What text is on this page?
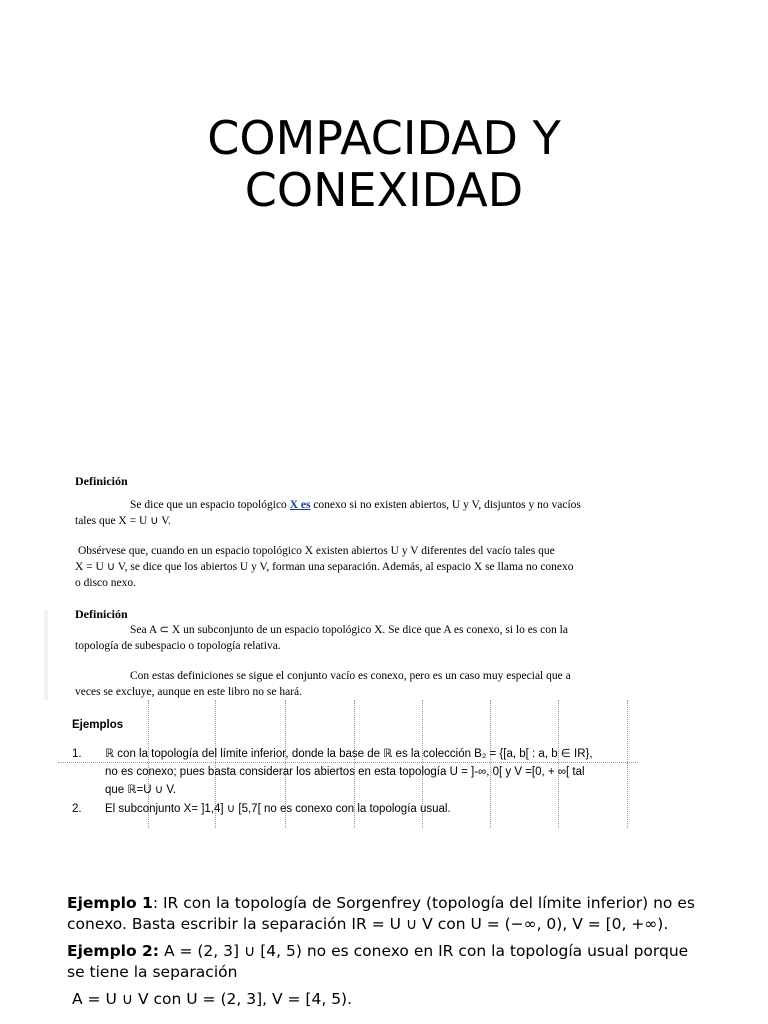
COMPACIDAD Y
CONEXIDAD
Definición
Se dice que un espacio topológico X es conexo si no existen abiertos, U y V, disjuntos y no vacíos
tales que X = U ∪ V.
Obsérvese que, cuando en un espacio topológico X existen abiertos U y V diferentes del vacío tales que
X = U ∪ V, se dice que los abiertos U y V, forman una separación. Además, al espacio X se llama no conexo
o disco nexo.
Definición
Sea A ⊂ X un subconjunto de un espacio topológico X. Se dice que A es conexo, si lo es con la
topología de subespacio o topología relativa.
Con estas definiciones se sigue el conjunto vacío es conexo, pero es un caso muy especial que a
veces se excluye, aunque en este libro no se hará.
Ejemplos
1. ℝ con la topología del límite inferior, donde la base de ℝ es la colección B₂ = {[a, b[ : a, b ∈ IR},
no es conexo; pues basta considerar los abiertos en esta topología U = ]-∞, 0[ y V =[0, + ∞[ tal
que ℝ=U ∪ V.
2. El subconjunto X= ]1,4] ∪ [5,7[ no es conexo con la topología usual.

Ejemplo 1: IR con la topología de Sorgenfrey (topología del límite inferior) no es conexo. Basta escribir la separación IR = U ∪ V con U = (−∞, 0), V = [0, +∞).

Ejemplo 2: A = (2, 3] ∪ [4, 5) no es conexo en IR con la topología usual porque se tiene la separación

A = U ∪ V con U = (2, 3], V = [4, 5).
